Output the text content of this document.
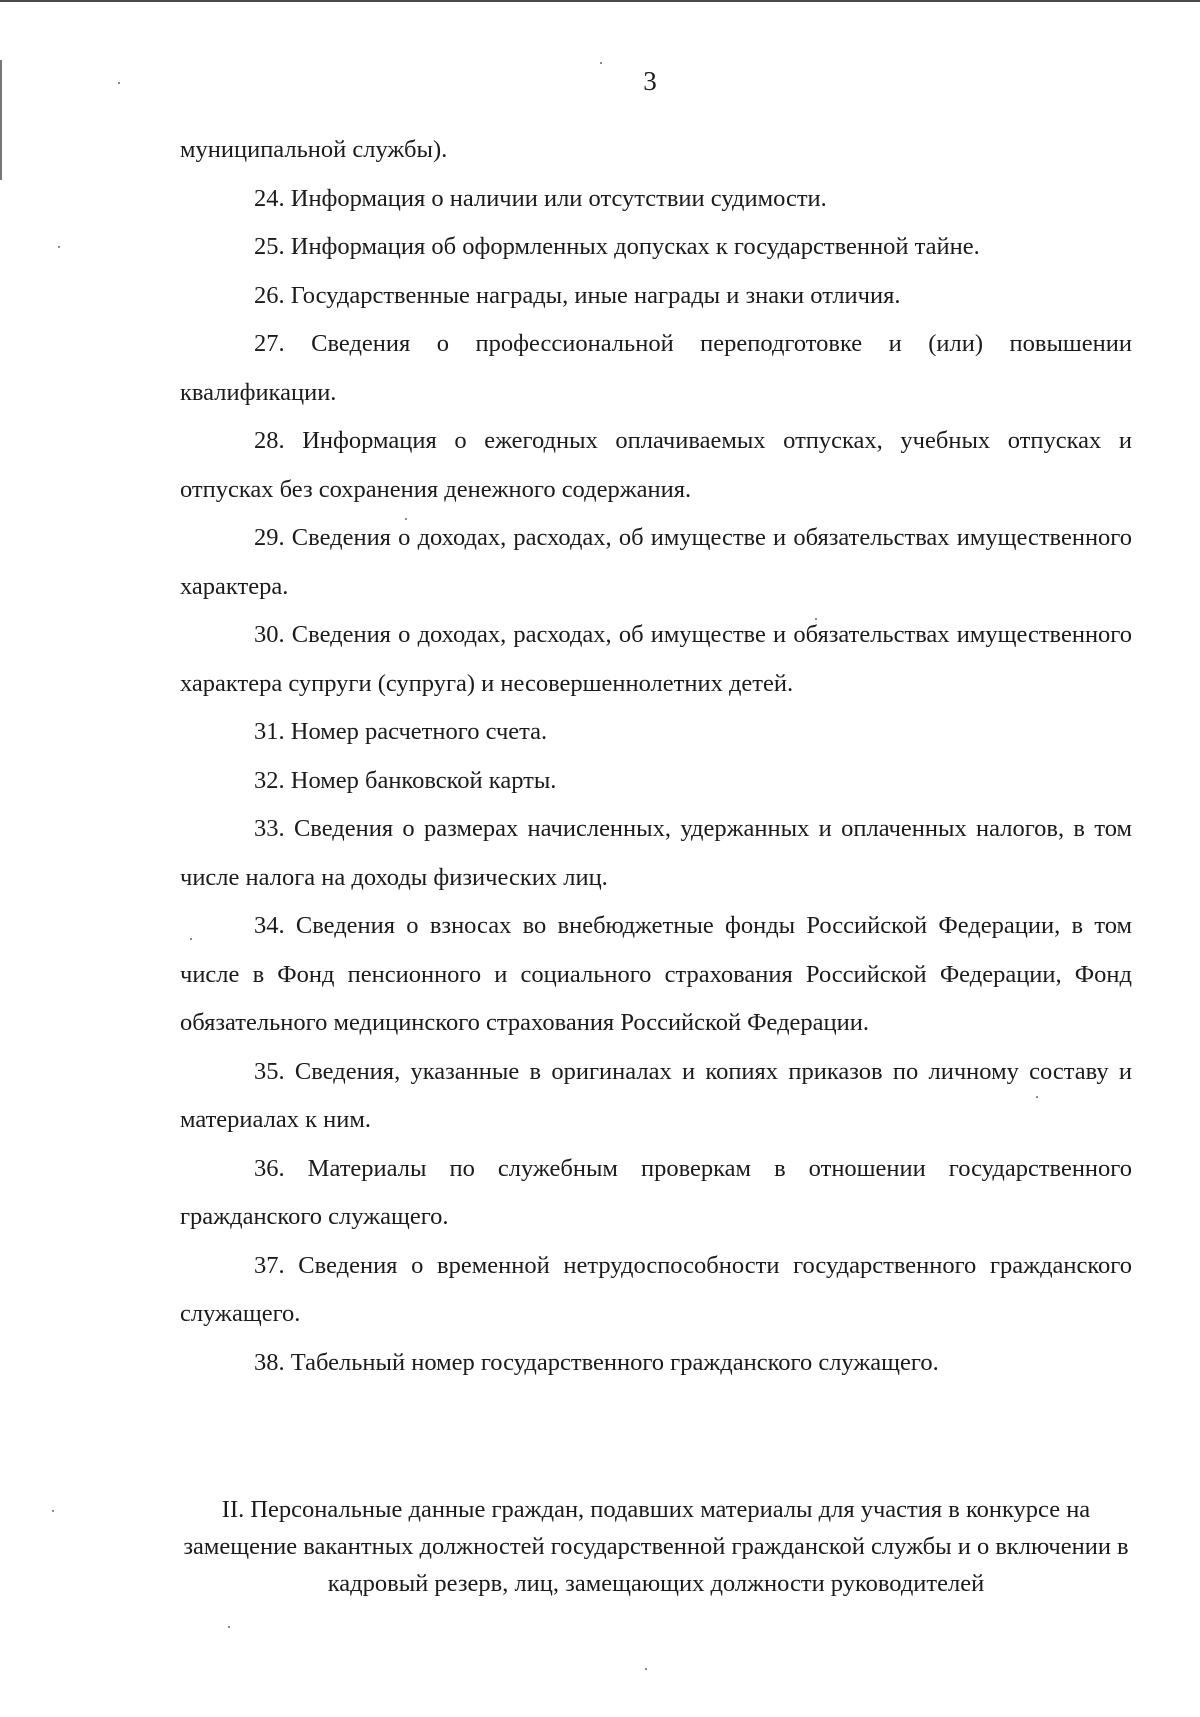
3

муниципальной службы).

24. Информация о наличии или отсутствии судимости.

25. Информация об оформленных допусках к государственной тайне.

26. Государственные награды, иные награды и знаки отличия.

27. Сведения о профессиональной переподготовке и (или) повышении квалификации.

28. Информация о ежегодных оплачиваемых отпусках, учебных отпусках и отпусках без сохранения денежного содержания.

29. Сведения о доходах, расходах, об имуществе и обязательствах имущественного характера.

30. Сведения о доходах, расходах, об имуществе и обязательствах имущественного характера супруги (супруга) и несовершеннолетних детей.

31. Номер расчетного счета.

32. Номер банковской карты.

33. Сведения о размерах начисленных, удержанных и оплаченных налогов, в том числе налога на доходы физических лиц.

34. Сведения о взносах во внебюджетные фонды Российской Федерации, в том числе в Фонд пенсионного и социального страхования Российской Федерации, Фонд обязательного медицинского страхования Российской Федерации.

35. Сведения, указанные в оригиналах и копиях приказов по личному составу и материалах к ним.

36. Материалы по служебным проверкам в отношении государственного гражданского служащего.

37. Сведения о временной нетрудоспособности государственного гражданского служащего.

38. Табельный номер государственного гражданского служащего.

II. Персональные данные граждан, подавших материалы для участия в конкурсе на замещение вакантных должностей государственной гражданской службы и о включении в кадровый резерв, лиц, замещающих должности руководителей
